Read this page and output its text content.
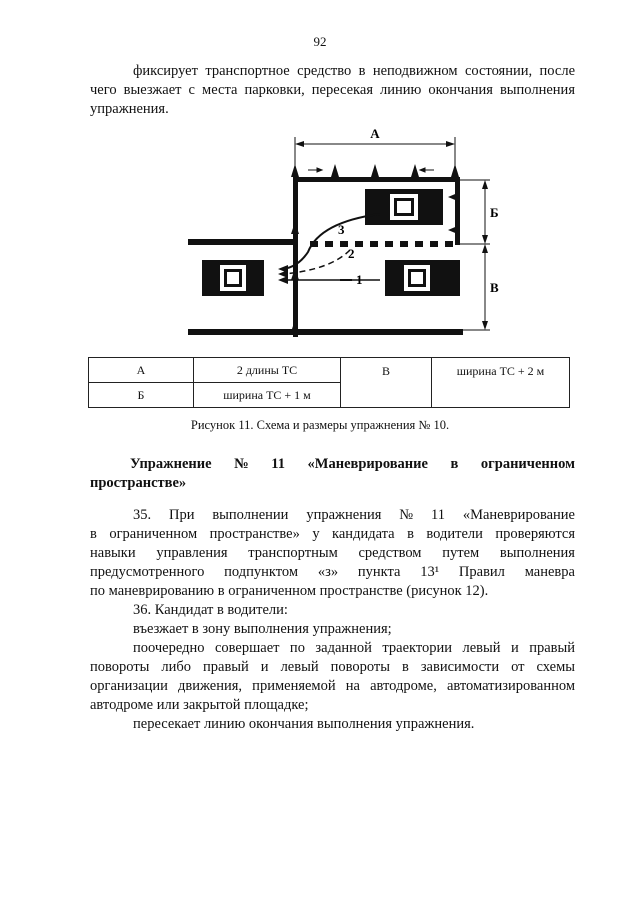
92
фиксирует транспортное средство в неподвижном состоянии, после
чего выезжает с места парковки, пересекая линию окончания выполнения
упражнения.
А
Б
В
1
2
3
А	2 длины ТС	В	ширина ТС + 2 м
Б	ширина ТС + 1 м		
Рисунок 11. Схема и размеры упражнения № 10.
Упражнение № 11 «Маневрирование в ограниченном
пространстве»
35. При выполнении упражнения № 11 «Маневрирование
в ограниченном пространстве» у кандидата в водители проверяются
навыки управления транспортным средством путем выполнения
предусмотренного подпунктом «з» пункта 13¹ Правил маневра
по маневрированию в ограниченном пространстве (рисунок 12).
36. Кандидат в водители:
въезжает в зону выполнения упражнения;
поочередно совершает по заданной траектории левый и правый
повороты либо правый и левый повороты в зависимости от схемы
организации движения, применяемой на автодроме, автоматизированном
автодроме или закрытой площадке;
пересекает линию окончания выполнения упражнения.
